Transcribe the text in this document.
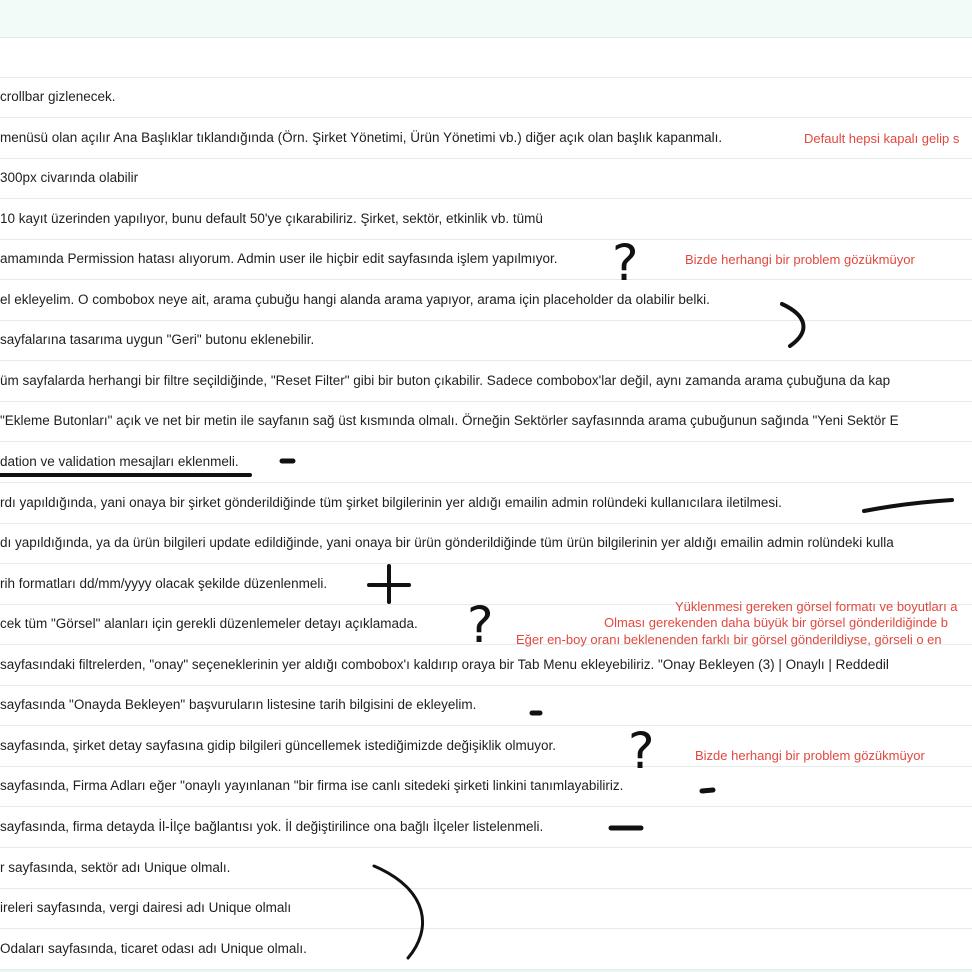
crollbar gizlenecek.
menüsü olan açılır Ana Başlıklar tıklandığında (Örn. Şirket Yönetimi, Ürün Yönetimi vb.) diğer açık olan başlık kapanmalı.
300px civarında olabilir
10 kayıt üzerinden yapılıyor, bunu default 50'ye çıkarabiliriz. Şirket, sektör, etkinlik vb. tümü
amamında Permission hatası alıyorum. Admin user ile hiçbir edit sayfasında işlem yapılmıyor.
el ekleyelim. O combobox neye ait, arama çubuğu hangi alanda arama yapıyor, arama için placeholder da olabilir belki.
sayfalarına tasarıma uygun "Geri" butonu eklenebilir.
üm sayfalarda herhangi bir filtre seçildiğinde, "Reset Filter" gibi bir buton çıkabilir. Sadece combobox'lar değil, aynı zamanda arama çubuğuna da kap
"Ekleme Butonları" açık ve net bir metin ile sayfanın sağ üst kısmında olmalı. Örneğin Sektörler sayfasınnda arama çubuğunun sağında "Yeni Sektör E
dation ve validation mesajları eklenmeli.
rdı yapıldığında, yani onaya bir şirket gönderildiğinde tüm şirket bilgilerinin yer aldığı emailin admin rolündeki kullanıcılara iletilmesi.
dı yapıldığında, ya da ürün bilgileri update edildiğinde, yani onaya bir ürün gönderildiğinde tüm ürün bilgilerinin yer aldığı emailin admin rolündeki kulla
rih formatları dd/mm/yyyy olacak şekilde düzenlenmeli.
cek tüm "Görsel" alanları için gerekli düzenlemeler detayı açıklamada.
sayfasındaki filtrelerden, "onay" seçeneklerinin yer aldığı combobox'ı kaldırıp oraya bir Tab Menu ekleyebiliriz. "Onay Bekleyen (3) | Onaylı | Reddedil
sayfasında "Onayda Bekleyen" başvuruların listesine tarih bilgisini de ekleyelim.
sayfasında, şirket detay sayfasına gidip bilgileri güncellemek istediğimizde değişiklik olmuyor.
sayfasında, Firma Adları eğer "onaylı yayınlanan "bir firma ise canlı sitedeki şirketi linkini tanımlayabiliriz.
sayfasında, firma detayda İl-İlçe bağlantısı yok. İl değiştirilince ona bağlı İlçeler listelenmeli.
r sayfasında, sektör adı Unique olmalı.
ireleri sayfasında, vergi dairesi adı Unique olmalı
Odaları sayfasında, ticaret odası adı Unique olmalı.
Default hepsi kapalı gelip s
Bizde herhangi bir problem gözükmüyor
Yüklenmesi gereken görsel formatı ve boyutları a
Olması gerekenden daha büyük bir görsel gönderildiğinde b
Eğer en-boy oranı beklenenden farklı bir görsel gönderildiyse, görseli o en
Bizde herhangi bir problem gözükmüyor
?
?
?
